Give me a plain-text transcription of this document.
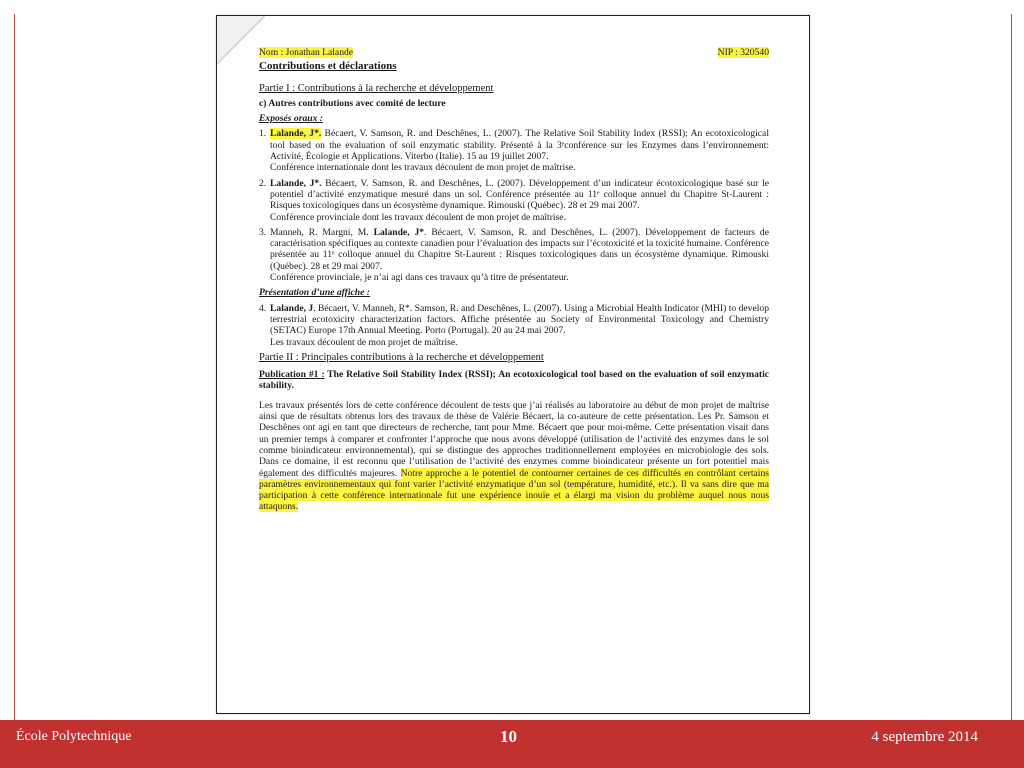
Nom : Jonathan Lalande	NIP : 320540
Contributions et déclarations
Partie I : Contributions à la recherche et développement
c) Autres contributions avec comité de lecture
Exposés oraux :
1. Lalande, J*. Bécaert, V. Samson, R. and Deschênes, L. (2007). The Relative Soil Stability Index (RSSI); An ecotoxicological tool based on the evaluation of soil enzymatic stability. Présenté à la 3ᵉconférence sur les Enzymes dans l’environnement: Activité, Écologie et Applications. Viterbo (Italie). 15 au 19 juillet 2007.
Conférence internationale dont les travaux découlent de mon projet de maîtrise.
2. Lalande, J*. Bécaert, V. Samson, R. and Deschênes, L. (2007). Développement d’un indicateur écotoxicologique basé sur le potentiel d’activité enzymatique mesuré dans un sol. Conférence présentée au 11ᵉ colloque annuel du Chapitre St-Laurent : Risques toxicologiques dans un écosystème dynamique. Rimouski (Québec). 28 et 29 mai 2007.
Conférence provinciale dont les travaux découlent de mon projet de maîtrise.
3. Manneh, R. Margni, M. Lalande, J*. Bécaert, V. Samson, R. and Deschênes, L. (2007). Développement de facteurs de caractérisation spécifiques au contexte canadien pour l’évaluation des impacts sur l’écotoxicité et la toxicité humaine. Conférence présentée au 11ᵉ colloque annuel du Chapitre St-Laurent : Risques toxicologiques dans un écosystème dynamique. Rimouski (Québec). 28 et 29 mai 2007.
Conférence provinciale, je n’ai agi dans ces travaux qu’à titre de présentateur.
Présentation d’une affiche :
4. Lalande, J. Bécaert, V. Manneh, R*. Samson, R. and Deschênes, L. (2007). Using a Microbial Health Indicator (MHI) to develop terrestrial ecotoxicity characterization factors. Affiche présentée au Society of Environmental Toxicology and Chemistry (SETAC) Europe 17th Annual Meeting. Porto (Portugal). 20 au 24 mai 2007.
Les travaux découlent de mon projet de maîtrise.
Partie II : Principales contributions à la recherche et développement
Publication #1 : The Relative Soil Stability Index (RSSI); An ecotoxicological tool based on the evaluation of soil enzymatic stability.
Les travaux présentés lors de cette conférence découlent de tests que j’ai réalisés au laboratoire au début de mon projet de maîtrise ainsi que de résultats obtenus lors des travaux de thèse de Valérie Bécaert, la co-auteure de cette présentation. Les Pr. Samson et Deschênes ont agi en tant que directeurs de recherche, tant pour Mme. Bécaert que pour moi-même. Cette présentation visait dans un premier temps à comparer et confronter l’approche que nous avons développé (utilisation de l’activité des enzymes dans le sol comme bioindicateur environnemental), qui se distingue des approches traditionnellement employées en microbiologie des sols. Dans ce domaine, il est reconnu que l’utilisation de l’activité des enzymes comme bioindicateur présente un fort potentiel mais également des difficultés majeures. Notre approche a le potentiel de contourner certaines de ces difficultés en contrôlant certains paramètres environnementaux qui font varier l’activité enzymatique d’un sol (température, humidité, etc.). Il va sans dire que ma participation à cette conférence internationale fut une expérience inouïe et a élargi ma vision du problème auquel nous nous attaquons.
École Polytechnique	10	4 septembre 2014
